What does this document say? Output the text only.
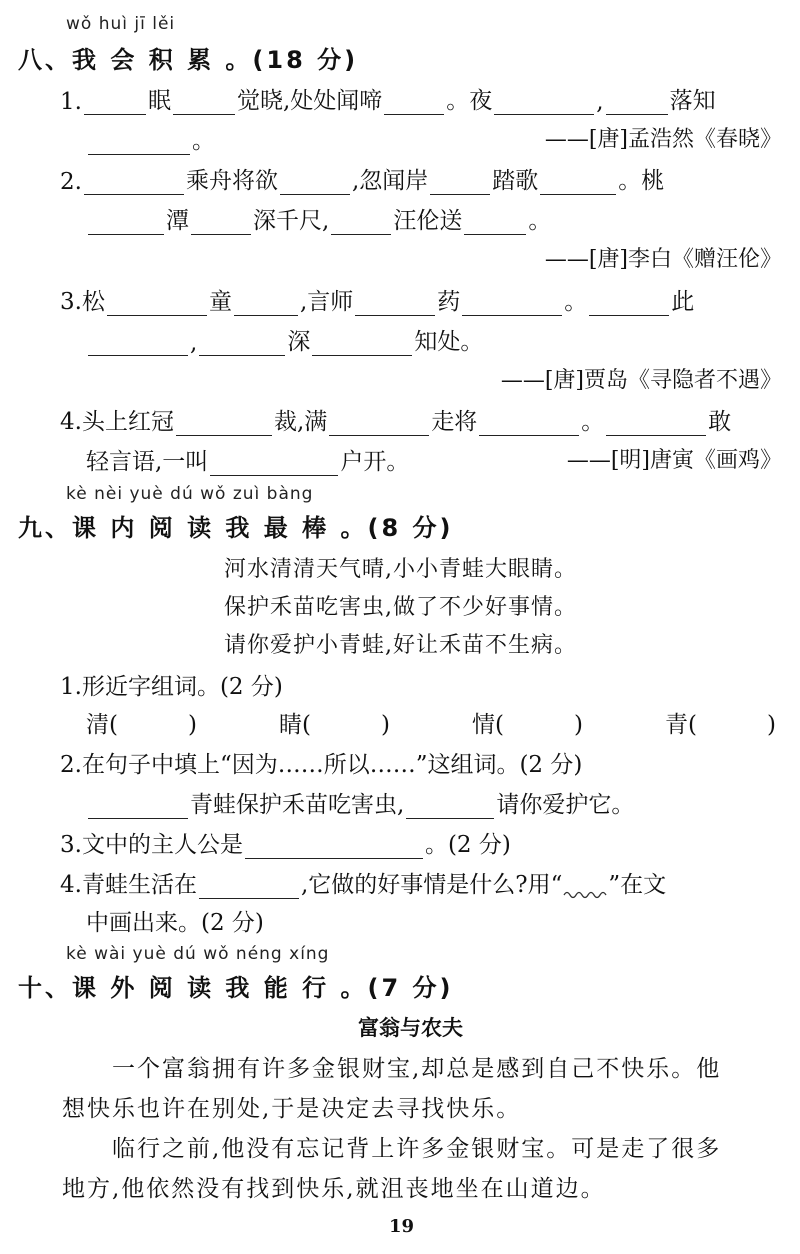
wǒ huì jī lěi
八、我 会 积 累 。(18 分)
1.	眠	觉晓,处处闻啼	。夜	,	落知
。	——[唐]孟浩然《春晓》
2.	乘舟将欲	,忽闻岸	踏歌	。桃
潭	深千尺,	汪伦送	。
——[唐]李白《赠汪伦》
3.松	童	,言师	药	。	此
,	深	知处。
——[唐]贾岛《寻隐者不遇》
4.头上红冠	裁,满	走将	。	敢
轻言语,一叫	户开。	——[明]唐寅《画鸡》
kè nèi yuè dú wǒ zuì bàng
九、课 内 阅 读 我 最 棒 。(8 分)
河水清清天气晴,小小青蛙大眼睛。
保护禾苗吃害虫,做了不少好事情。
请你爱护小青蛙,好让禾苗不生病。
1.形近字组词。(2 分)
清(	)	睛(	)	情(	)	青(	)
2.在句子中填上“因为……所以……”这组词。(2 分)
青蛙保护禾苗吃害虫,	请你爱护它。
3.文中的主人公是	。(2 分)
4.青蛙生活在	,它做的好事情是什么?用“ ”在文
中画出来。(2 分)
kè wài yuè dú wǒ néng xíng
十、课 外 阅 读 我 能 行 。(7 分)
富翁与农夫
一个富翁拥有许多金银财宝,却总是感到自己不快乐。他
想快乐也许在别处,于是决定去寻找快乐。
临行之前,他没有忘记背上许多金银财宝。可是走了很多
地方,他依然没有找到快乐,就沮丧地坐在山道边。
19
